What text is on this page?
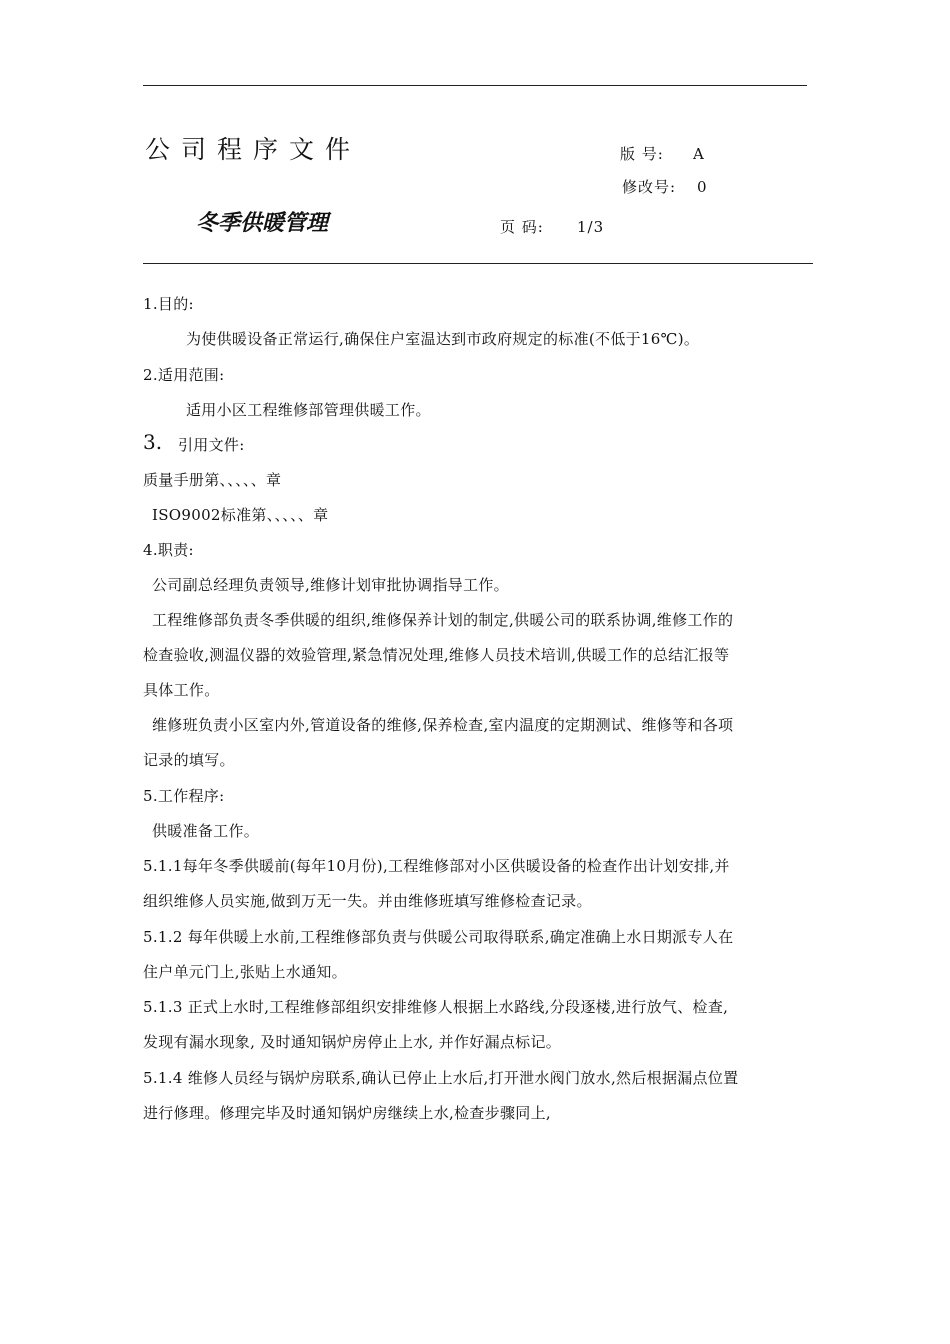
公司程序文件	版 号: A
修改号: 0
冬季供暖管理	页 码: 1/3
1.目的:
为使供暖设备正常运行,确保住户室温达到市政府规定的标准(不低于16℃)。
2.适用范围:
适用小区工程维修部管理供暖工作。
3. 引用文件:
质量手册第、、、、、章
ISO9002标准第、、、、、章
4.职责:
公司副总经理负责领导,维修计划审批协调指导工作。
工程维修部负责冬季供暖的组织,维修保养计划的制定,供暖公司的联系协调,维修工作的
检查验收,测温仪器的效验管理,紧急情况处理,维修人员技术培训,供暖工作的总结汇报等
具体工作。
维修班负责小区室内外,管道设备的维修,保养检查,室内温度的定期测试、维修等和各项
记录的填写。
5.工作程序:
供暖准备工作。
5.1.1每年冬季供暖前(每年10月份),工程维修部对小区供暖设备的检查作出计划安排,并
组织维修人员实施,做到万无一失。并由维修班填写维修检查记录。
5.1.2 每年供暖上水前,工程维修部负责与供暖公司取得联系,确定准确上水日期派专人在
住户单元门上,张贴上水通知。
5.1.3 正式上水时,工程维修部组织安排维修人根据上水路线,分段逐楼,进行放气、检查,
发现有漏水现象, 及时通知锅炉房停止上水, 并作好漏点标记。
5.1.4 维修人员经与锅炉房联系,确认已停止上水后,打开泄水阀门放水,然后根据漏点位置
进行修理。修理完毕及时通知锅炉房继续上水,检查步骤同上,
